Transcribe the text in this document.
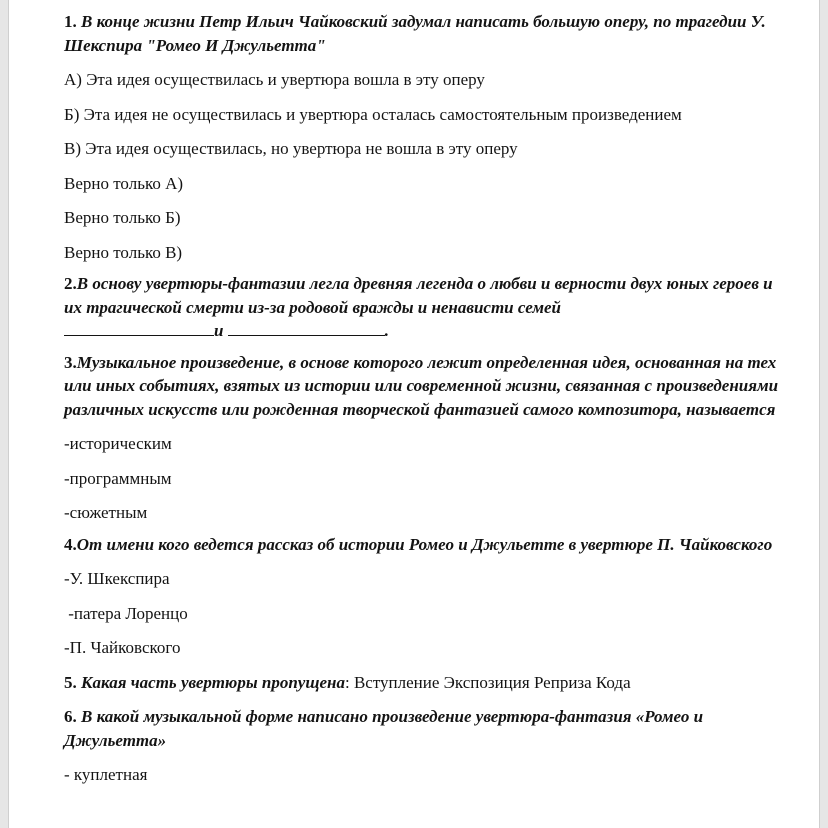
1. В конце жизни Петр Ильич Чайковский задумал написать большую оперу, по трагедии У. Шекспира "Ромео И Джульетта"

А) Эта идея осуществилась и увертюра вошла в эту оперу

Б) Эта идея не осуществилась и увертюра осталась самостоятельным произведением

В) Эта идея осуществилась, но увертюра не вошла в эту оперу

Верно только А)

Верно только Б)

Верно только В)

2.В основу увертюры-фантазии легла древняя легенда о любви и верности двух юных героев и их трагической смерти из-за родовой вражды и ненависти семей
и	.

3.Музыкальное произведение, в основе которого лежит определенная идея, основанная на тех или иных событиях, взятых из истории или современной жизни, связанная с произведениями различных искусств или рожденная творческой фантазией самого композитора, называется

-историческим

-программным

-сюжетным

4.От имени кого ведется рассказ об истории Ромео и Джульетте в увертюре П. Чайковского

-У. Шкекспира

-патера Лоренцо

-П. Чайковского

5. Какая часть увертюры пропущена: Вступление Экспозиция Реприза Кода

6. В какой музыкальной форме написано произведение увертюра-фантазия «Ромео и Джульетта»

- куплетная
